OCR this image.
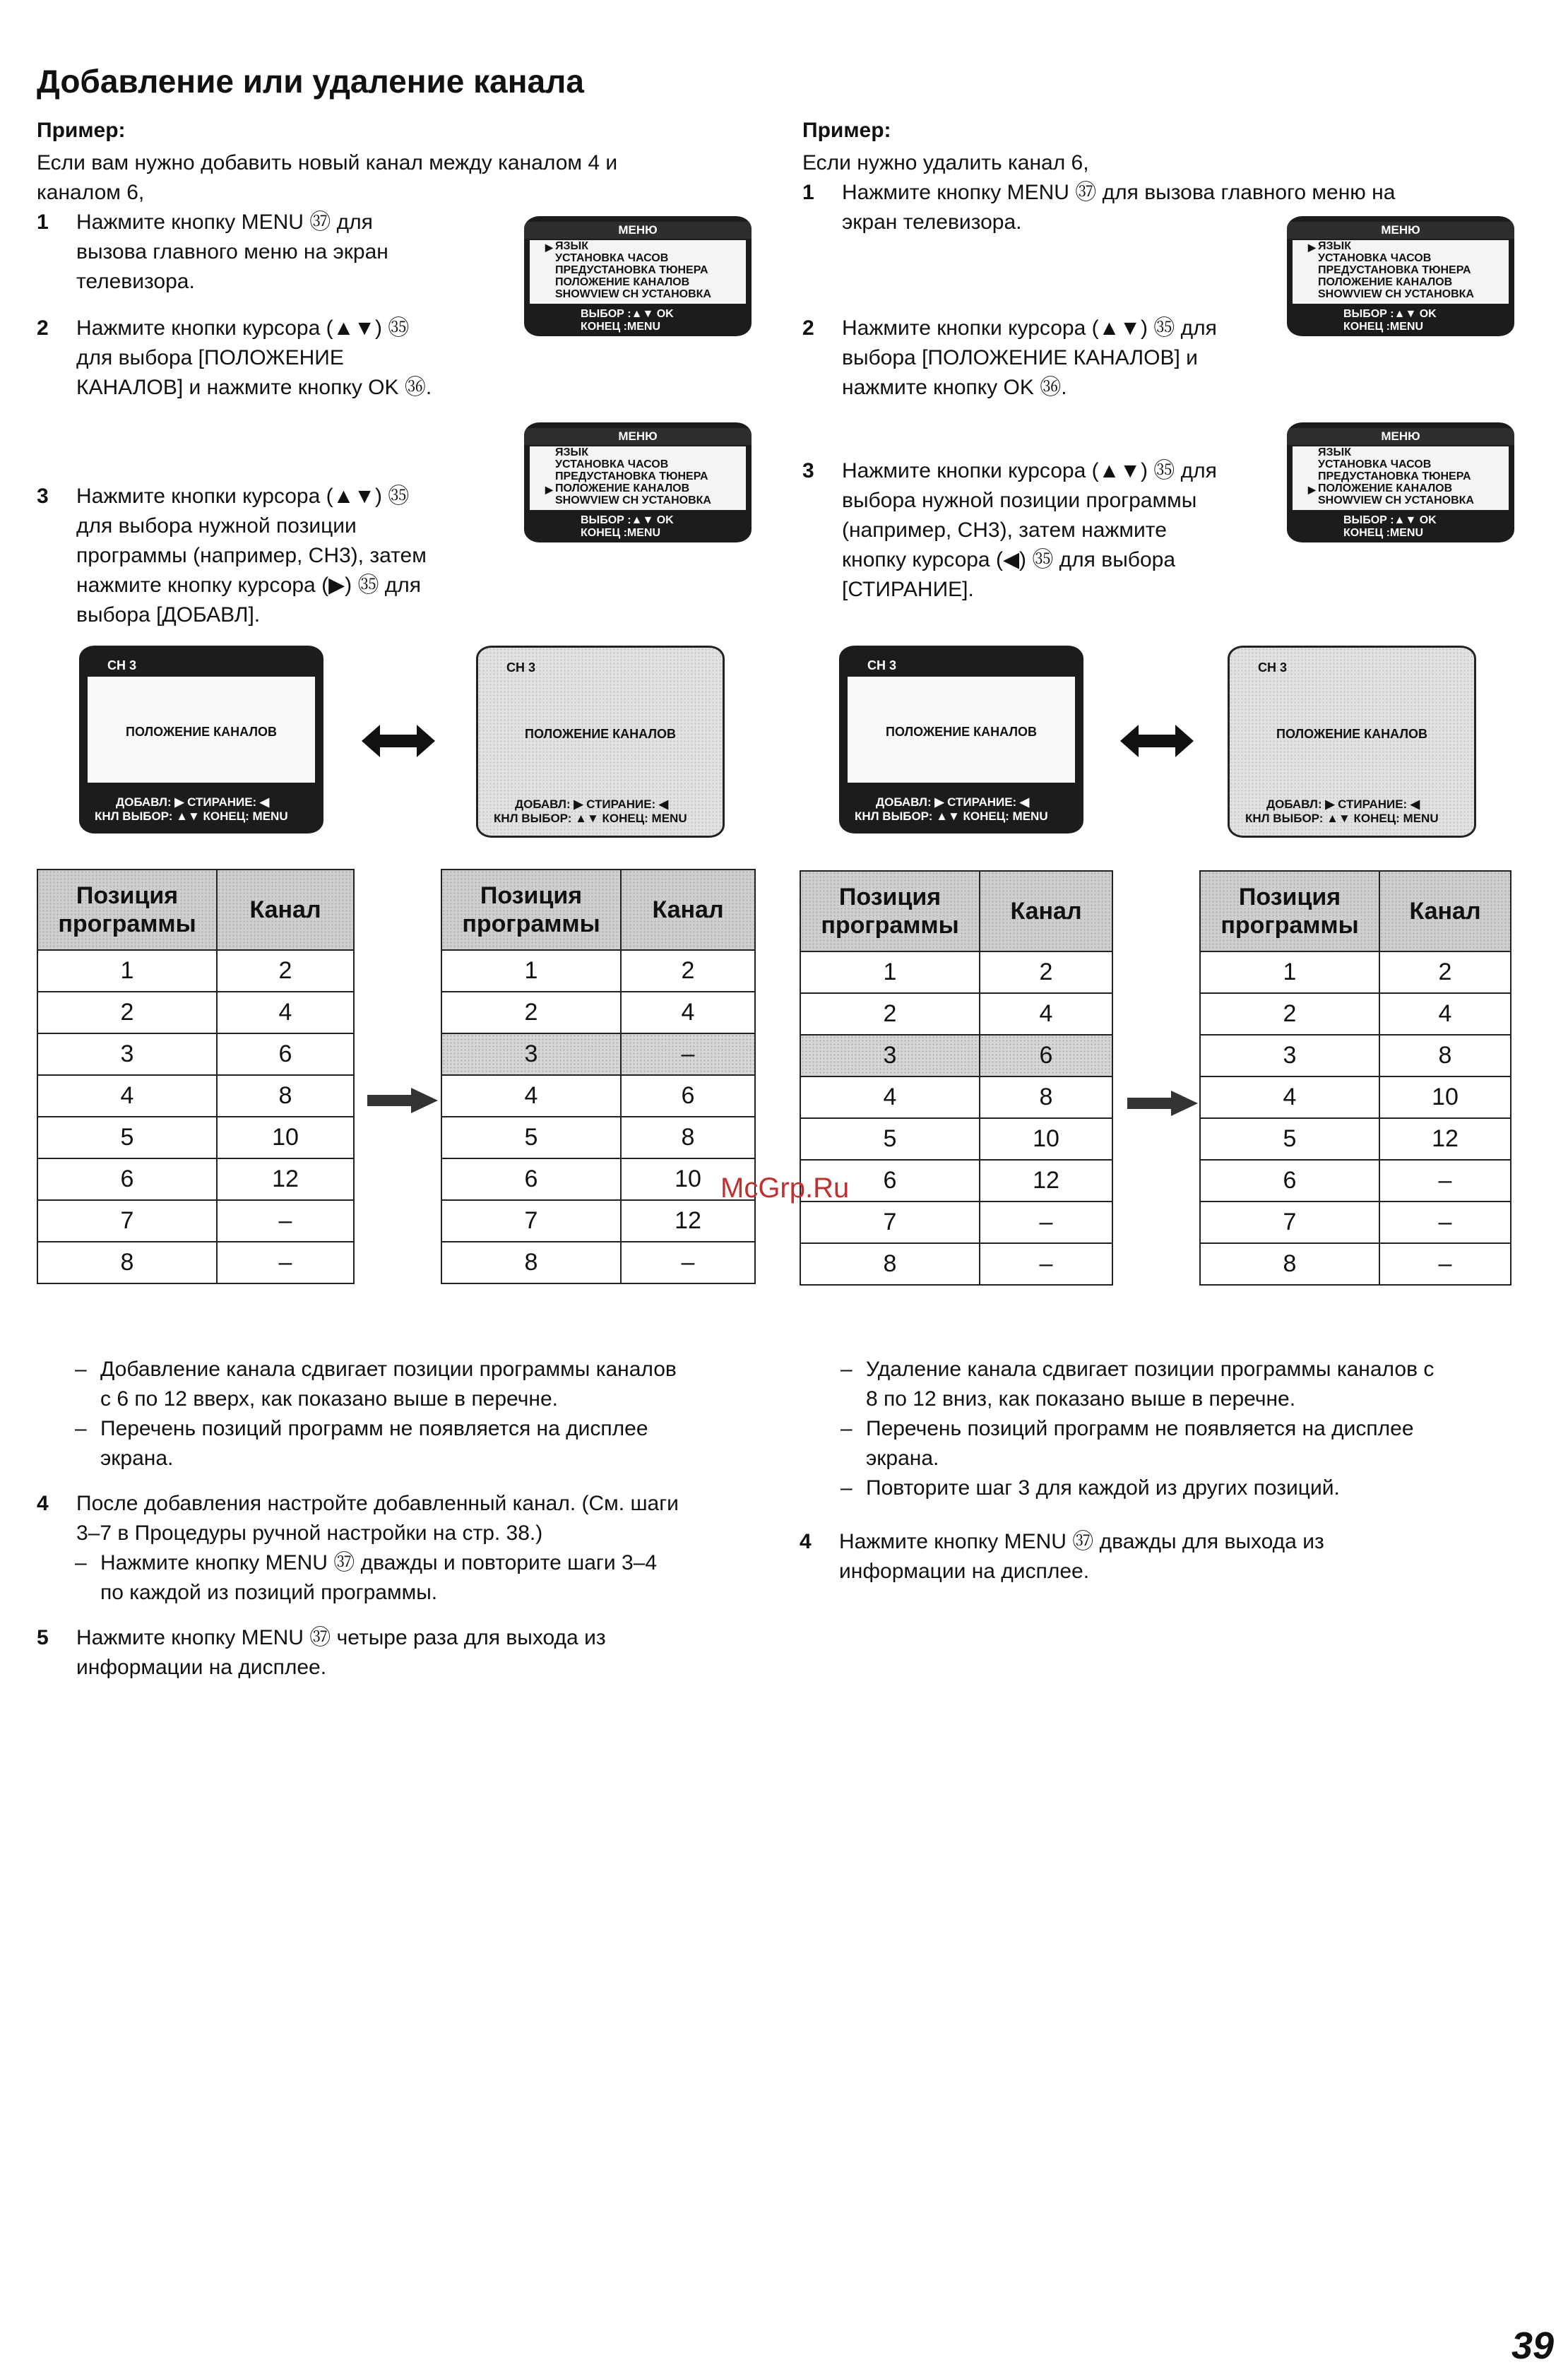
Добавление или удаление канала
Пример:
Если вам нужно добавить новый канал между каналом 4 и
каналом 6,
1 Нажмите кнопку MENU ㊲ для
вызова главного меню на экран
телевизора.
2 Нажмите кнопки курсора (▲▼) ㉟
для выбора [ПОЛОЖЕНИЕ
КАНАЛОВ] и нажмите кнопку OK ㊱.
3 Нажмите кнопки курсора (▲▼) ㉟
для выбора нужной позиции
программы (например, CH3), затем
нажмите кнопку курсора (▶) ㉟ для
выбора [ДОБАВЛ].
Пример:
Если нужно удалить канал 6,
1 Нажмите кнопку MENU ㊲ для вызова главного меню на
экран телевизора.
2 Нажмите кнопки курсора (▲▼) ㉟ для
выбора [ПОЛОЖЕНИЕ КАНАЛОВ] и
нажмите кнопку OK ㊱.
3 Нажмите кнопки курсора (▲▼) ㉟ для
выбора нужной позиции программы
(например, CH3), затем нажмите
кнопку курсора (◀) ㉟ для выбора
[СТИРАНИЕ].
МЕНЮ
▶ ЯЗЫК
УСТАНОВКА ЧАСОВ
ПРЕДУСТАНОВКА ТЮНЕРА
ПОЛОЖЕНИЕ КАНАЛОВ
SHOWVIEW CH УСТАНОВКА
ВЫБОР :▲▼ OK
КОНЕЦ :MENU
МЕНЮ
▶
ЯЗЫК
УСТАНОВКА ЧАСОВ
ПРЕДУСТАНОВКА ТЮНЕРА
ПОЛОЖЕНИЕ КАНАЛОВ
SHOWVIEW CH УСТАНОВКА
ВЫБОР :▲▼ OK
КОНЕЦ :MENU
МЕНЮ
▶ ЯЗЫК
УСТАНОВКА ЧАСОВ
ПРЕДУСТАНОВКА ТЮНЕРА
ПОЛОЖЕНИЕ КАНАЛОВ
SHOWVIEW CH УСТАНОВКА
ВЫБОР :▲▼ OK
КОНЕЦ :MENU
МЕНЮ
▶
ЯЗЫК
УСТАНОВКА ЧАСОВ
ПРЕДУСТАНОВКА ТЮНЕРА
ПОЛОЖЕНИЕ КАНАЛОВ
SHOWVIEW CH УСТАНОВКА
ВЫБОР :▲▼ OK
КОНЕЦ :MENU
CH 3
ПОЛОЖЕНИЕ КАНАЛОВ
ДОБАВЛ: ▶ СТИРАНИЕ: ◀
КНЛ ВЫБОР: ▲▼ КОНЕЦ: MENU
CH 3
ПОЛОЖЕНИЕ КАНАЛОВ
ДОБАВЛ: ▶ СТИРАНИЕ: ◀
КНЛ ВЫБОР: ▲▼ КОНЕЦ: MENU
CH 3
ПОЛОЖЕНИЕ КАНАЛОВ
ДОБАВЛ: ▶ СТИРАНИЕ: ◀
КНЛ ВЫБОР: ▲▼ КОНЕЦ: MENU
CH 3
ПОЛОЖЕНИЕ КАНАЛОВ
ДОБАВЛ: ▶ СТИРАНИЕ: ◀
КНЛ ВЫБОР: ▲▼ КОНЕЦ: MENU
Позиция
программы	Канал
1	2
2	4
3	6
4	8
5	10
6	12
7	–
8	–
Позиция
программы	Канал
1	2
2	4
3	–
4	6
5	8
6	10
7	12
8	–
Позиция
программы	Канал
1	2
2	4
3	6
4	8
5	10
6	12
7	–
8	–
Позиция
программы	Канал
1	2
2	4
3	8
4	10
5	12
6	–
7	–
8	–
McGrp.Ru
– Добавление канала сдвигает позиции программы каналов
с 6 по 12 вверх, как показано выше в перечне.
– Перечень позиций программ не появляется на дисплее
экрана.
4 После добавления настройте добавленный канал. (См. шаги
3–7 в Процедуры ручной настройки на стр. 38.)
– Нажмите кнопку MENU ㊲ дважды и повторите шаги 3–4
по каждой из позиций программы.
5 Нажмите кнопку MENU ㊲ четыре раза для выхода из
информации на дисплее.
– Удаление канала сдвигает позиции программы каналов с
8 по 12 вниз, как показано выше в перечне.
– Перечень позиций программ не появляется на дисплее
экрана.
– Повторите шаг 3 для каждой из других позиций.
4 Нажмите кнопку MENU ㊲ дважды для выхода из
информации на дисплее.
39
